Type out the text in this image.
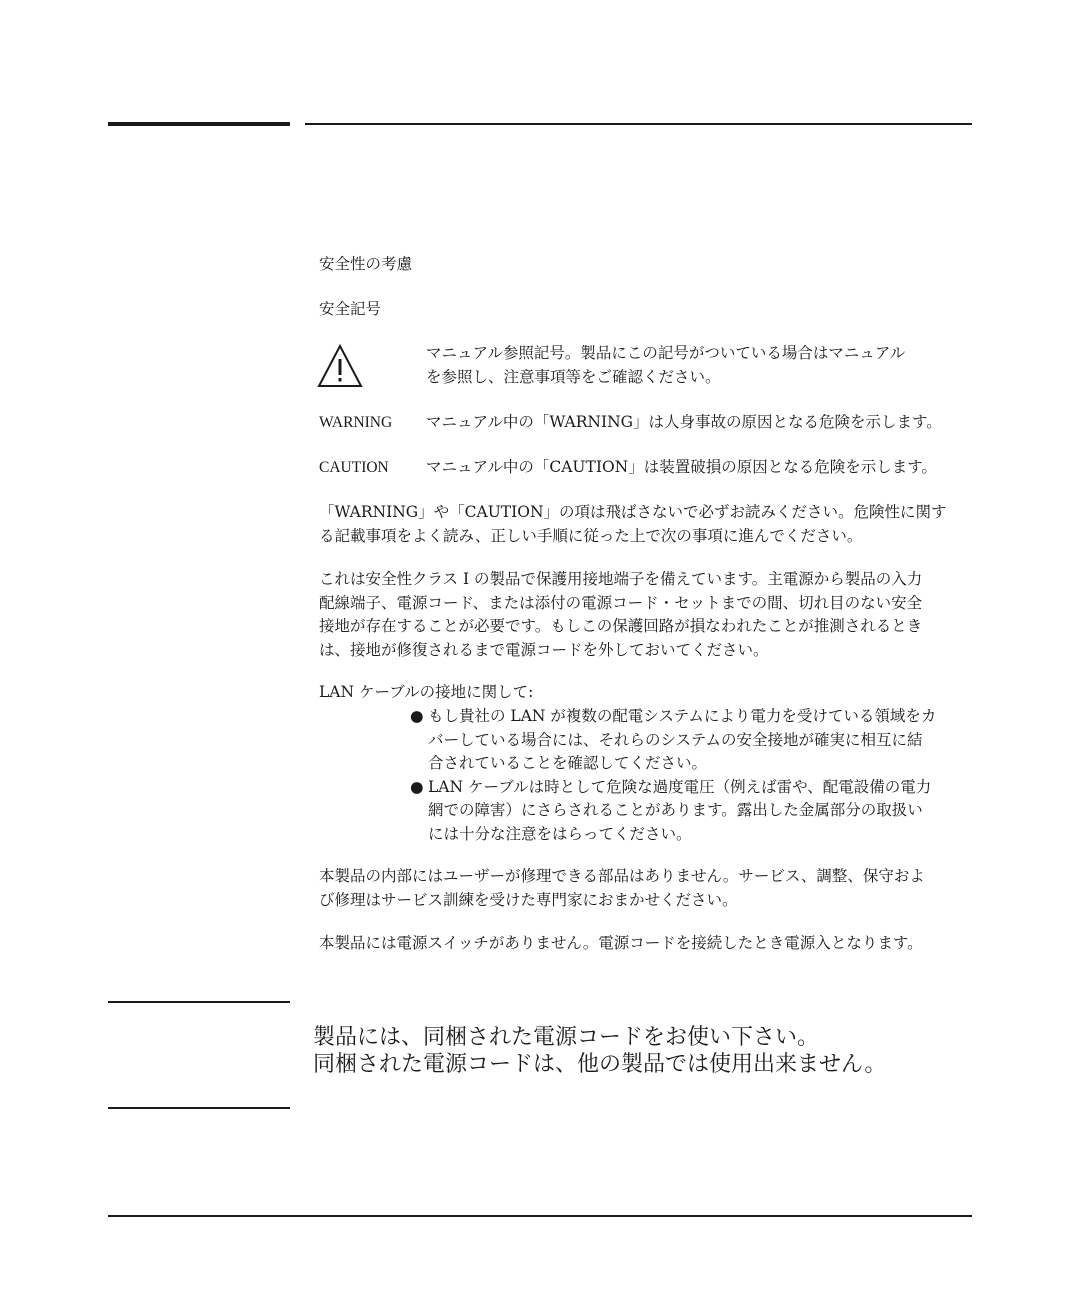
安全性の考慮
安全記号
マニュアル参照記号。製品にこの記号がついている場合はマニュアル
を参照し、注意事項等をご確認ください。
WARNING マニュアル中の「WARNING」は人身事故の原因となる危険を示します。
CAUTION マニュアル中の「CAUTION」は装置破損の原因となる危険を示します。
「WARNING」や「CAUTION」の項は飛ばさないで必ずお読みください。危険性に関す
る記載事項をよく読み、正しい手順に従った上で次の事項に進んでください。
これは安全性クラス I の製品で保護用接地端子を備えています。主電源から製品の入力
配線端子、電源コード、または添付の電源コード・セットまでの間、切れ目のない安全
接地が存在することが必要です。もしこの保護回路が損なわれたことが推測されるとき
は、接地が修復されるまで電源コードを外しておいてください。
LAN ケーブルの接地に関して:
● もし貴社の LAN が複数の配電システムにより電力を受けている領域をカ
バーしている場合には、それらのシステムの安全接地が確実に相互に結
合されていることを確認してください。
● LAN ケーブルは時として危険な過度電圧（例えば雷や、配電設備の電力
網での障害）にさらされることがあります。露出した金属部分の取扱い
には十分な注意をはらってください。
本製品の内部にはユーザーが修理できる部品はありません。サービス、調整、保守およ
び修理はサービス訓練を受けた専門家におまかせください。
本製品には電源スイッチがありません。電源コードを接続したとき電源入となります。
製品には、同梱された電源コードをお使い下さい。
同梱された電源コードは、他の製品では使用出来ません。
